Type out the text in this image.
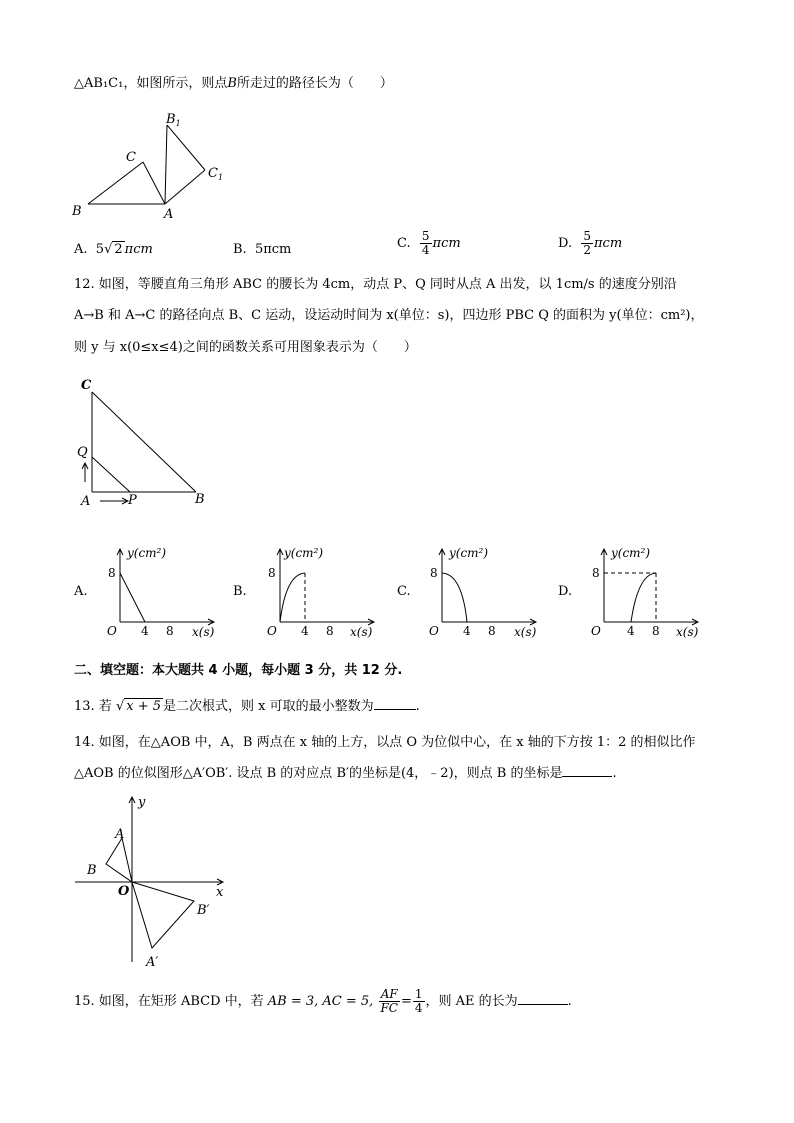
△AB₁C₁，如图所示，则点B所走过的路径长为（　　）
B
C
A
$B_1$
$C_1$
A. 5√ 2 πcm	B. 5πcm	C. $\frac{5}{4}$ πcm	D. $\frac{5}{2}$ πcm
12. 如图，等腰直角三角形 ABC 的腰长为 4cm，动点 P、Q 同时从点 A 出发，以 1cm/s 的速度分别沿
A→B 和 A→C 的路径向点 B、C 运动，设运动时间为 x(单位：s)，四边形 PBC Q 的面积为 y(单位：cm²)，
则 y 与 x(0≤x≤4)之间的函数关系可用图象表示为（　　）
C
Q
A	P	B
A.
y(cm²)
8
O 4 8 x(s)
B.
y(cm²)
8
O 4 8 x(s)
C.
y(cm²)
8
O 4 8 x(s)
D.
y(cm²)
8
O 4 8 x(s)
二、填空题：本大题共 4 小题，每小题 3 分，共 12 分.
13. 若 √ x + 5 是二次根式，则 x 可取的最小整数为	.
14. 如图，在△AOB 中，A，B 两点在 x 轴的上方，以点 O 为位似中心，在 x 轴的下方按 1：2 的相似比作
△AOB 的位似图形△A′OB′. 设点 B 的对应点 B′的坐标是(4，﹣2)，则点 B 的坐标是	.
y
x
A
B
O
B′
A′
15. 如图，在矩形 ABCD 中，若 AB = 3, AC = 5, $\frac{AF}{FC} = \frac{1}{4}$ ，则 AE 的长为	.
